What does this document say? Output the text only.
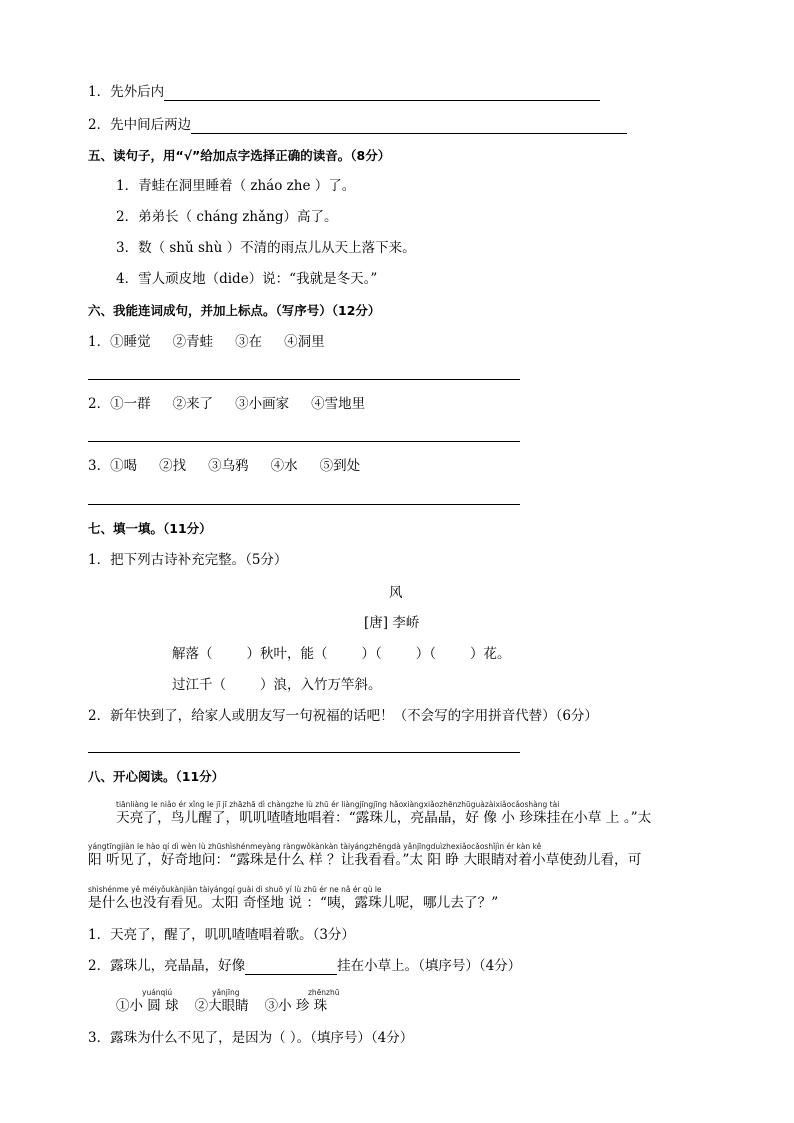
1．先外后内
2．先中间后两边
五、读句子，用“√”给加点字选择正确的读音。（8分）
1．青蛙在洞里睡着（ zháo zhe ）了。
2．弟弟长（ cháng zhǎng）高了。
3．数（ shǔ shù ）不清的雨点儿从天上落下来。
4．雪人顽皮地（dide）说：“我就是冬天。”
六、我能连词成句，并加上标点。（写序号）（12分）
1．①睡觉 ②青蛙 ③在 ④洞里
2．①一群 ②来了 ③小画家 ④雪地里
3．①喝 ②找 ③乌鸦 ④水 ⑤到处
七、填一填。（11分）
1．把下列古诗补充完整。（5分）
风
[唐] 李峤
解落（	）秋叶，能（	）（	）（	）花。
过江千（	）浪，入竹万竿斜。
2．新年快到了，给家人或朋友写一句祝福的话吧！（不会写的字用拼音代替）（6分）
八、开心阅读。（11分）
tiānliàng le niǎo ér xǐng le jī jī zhāzhā dì chàngzhe lù zhū ér liàngjīngjīng hǎoxiàngxiǎozhēnzhūguàzàixiǎocǎoshàng tài
天亮了，鸟儿醒了，叽叽喳喳地唱着：“露珠儿，亮晶晶，好 像 小 珍珠挂在小草 上 。”太
yángtīngjiàn le hào qí dì wèn lù zhūshìshénmeyàng ràngwǒkànkàn tàiyángzhēngdà yǎnjīngduìzhexiǎocǎoshǐjìn ér kàn kě
阳 听见了，好奇地问：“露珠是什么 样 ？让我看看。”太 阳 睁 大眼睛对着小草使劲儿看，可
shìshénme yě méiyǒukànjiàn tàiyángqí guài dì shuō yí lù zhū ér ne nǎ ér qù le
是什么也没有看见。太阳 奇怪地 说 ：“咦，露珠儿呢，哪儿去了？”
1．天亮了，醒了，叽叽喳喳唱着歌。（3分）
2．露珠儿，亮晶晶，好像	挂在小草上。（填序号）（4分）
yuánqiú	yǎnjīng	zhēnzhū
①小 圆 球 ②大眼睛 ③小 珍 珠
3．露珠为什么不见了，是因为（ ）。（填序号）（4分）
